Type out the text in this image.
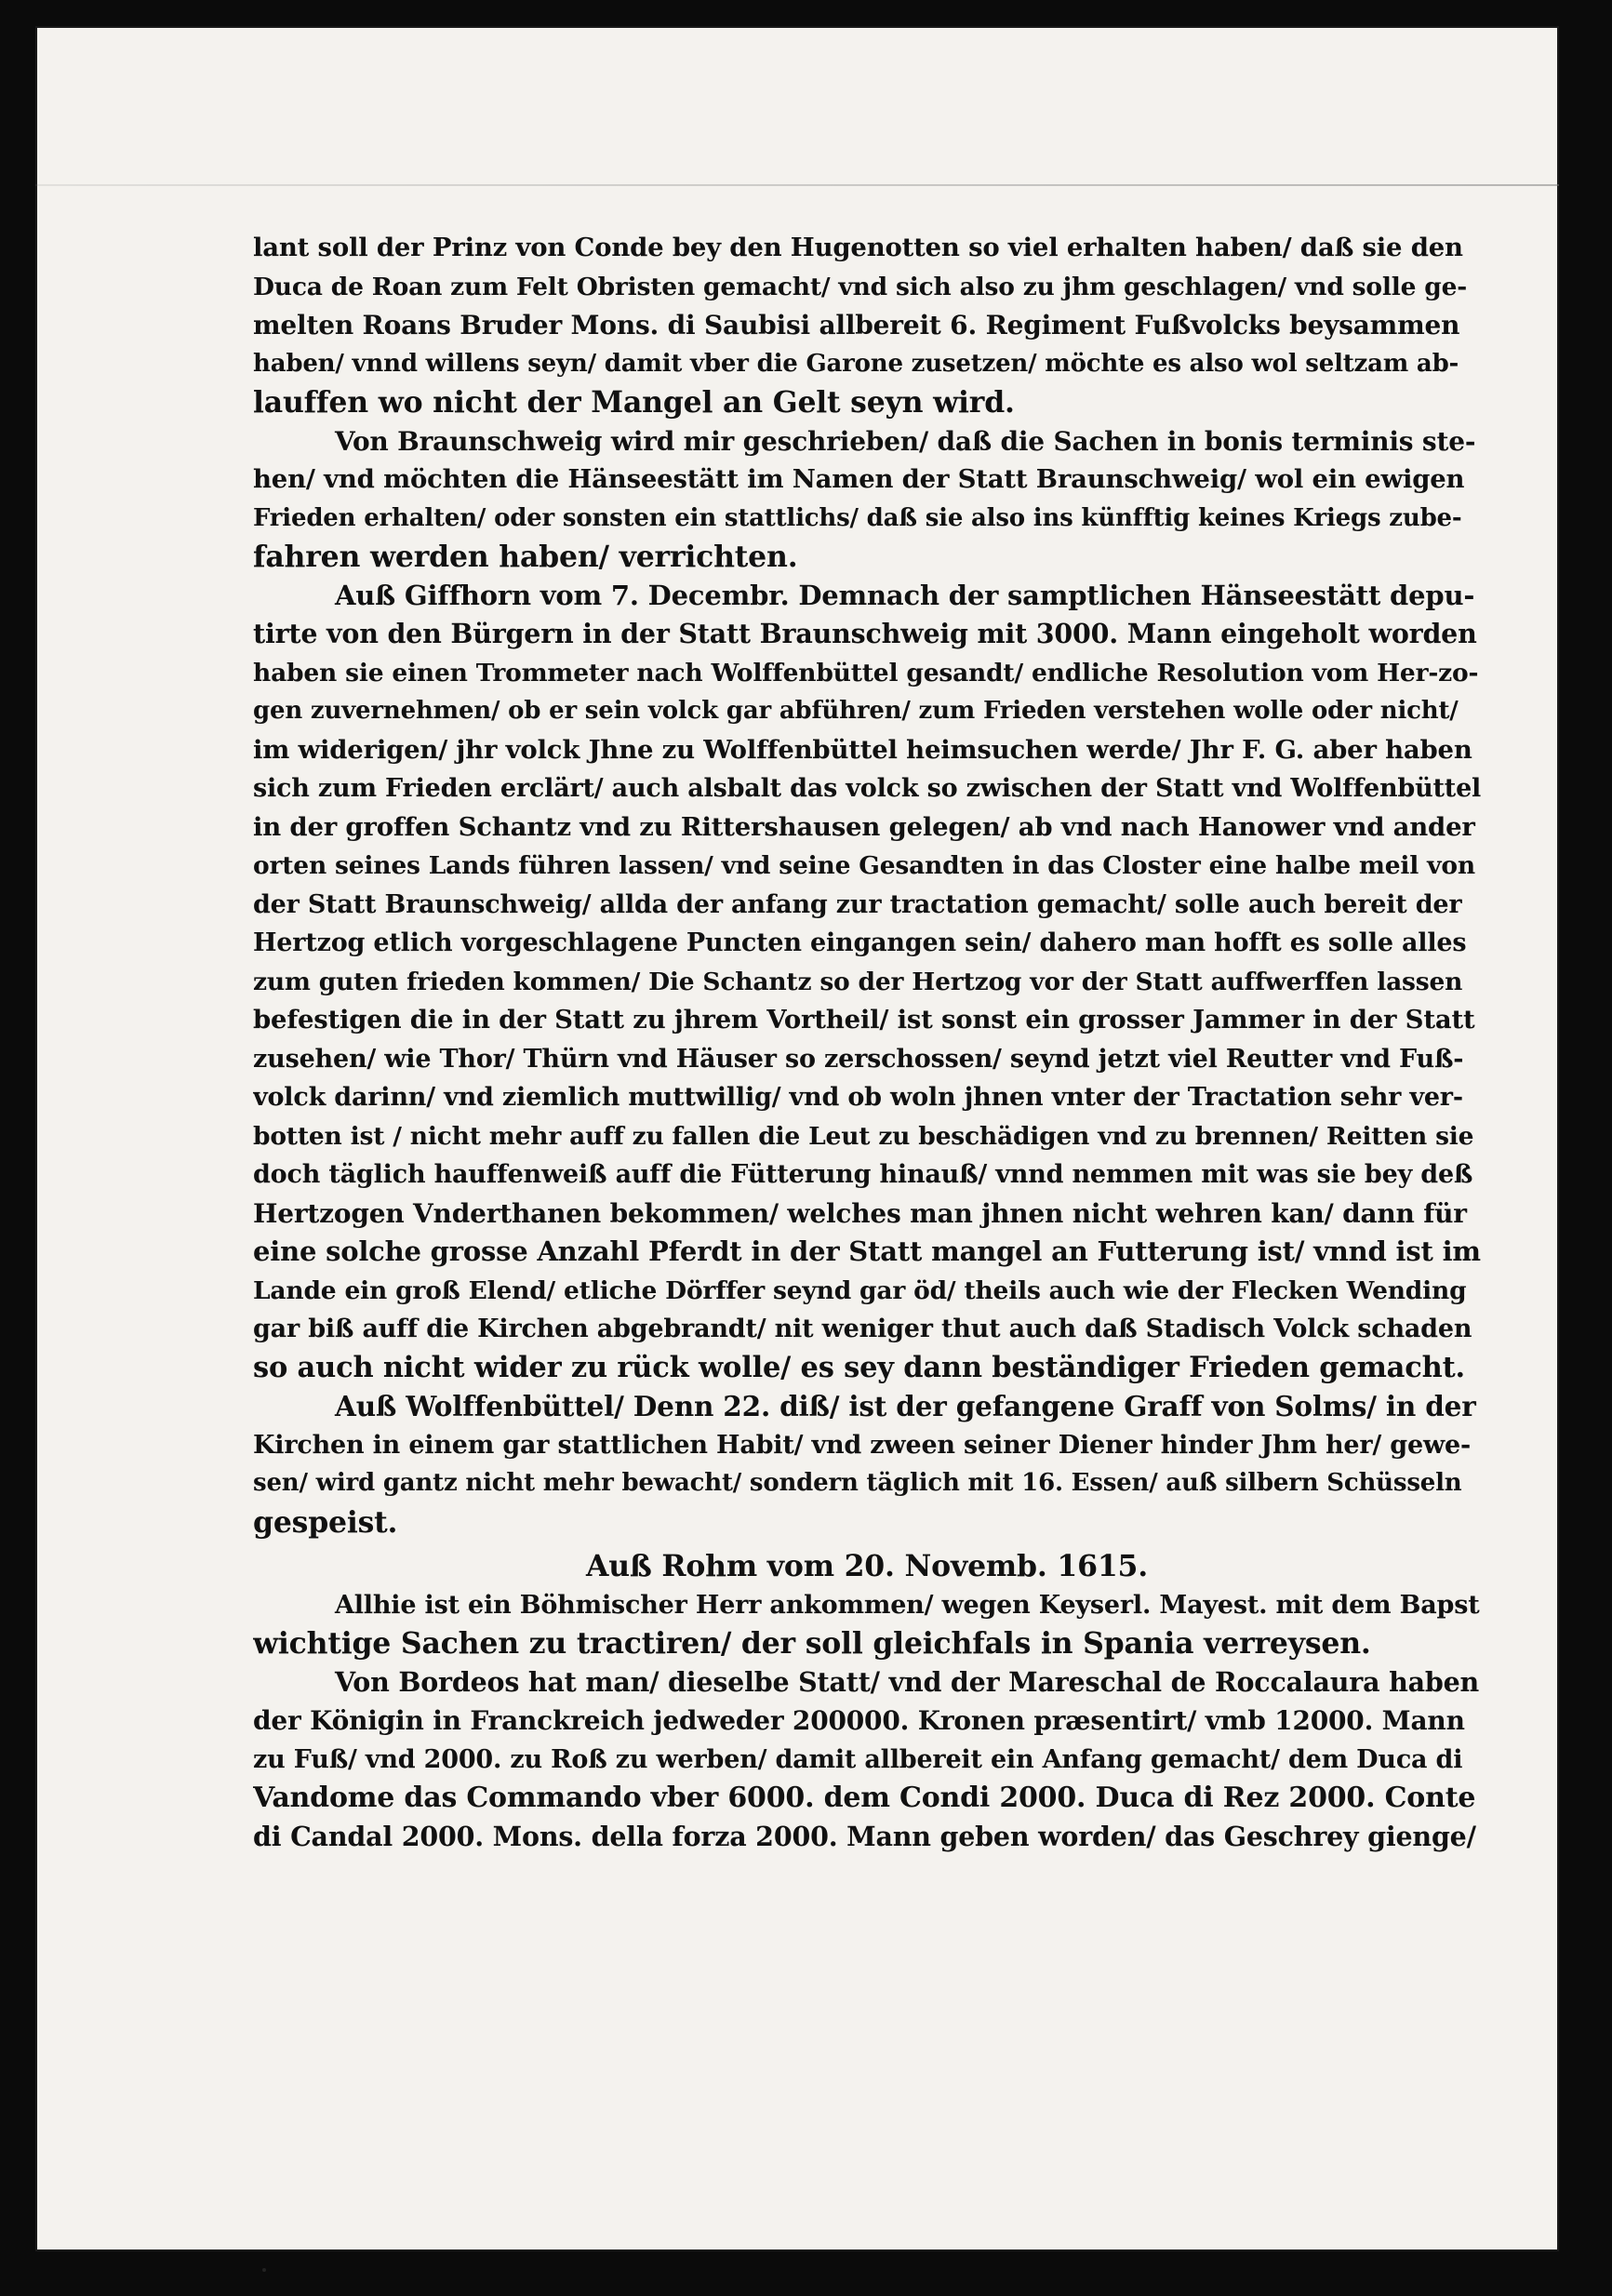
lant soll der Prinz von Conde bey den Hugenotten so viel erhalten haben/ daß sie den
Duca de Roan zum Felt Obristen gemacht/ vnd sich also zu jhm geschlagen/ vnd solle ge-
melten Roans Bruder Mons. di Saubisi allbereit 6. Regiment Fußvolcks beysammen
haben/ vnnd willens seyn/ damit vber die Garone zusetzen/ möchte es also wol seltzam ab-
lauffen wo nicht der Mangel an Gelt seyn wird.
Von Braunschweig wird mir geschrieben/ daß die Sachen in bonis terminis ste-
hen/ vnd möchten die Hänseestätt im Namen der Statt Braunschweig/ wol ein ewigen
Frieden erhalten/ oder sonsten ein stattlichs/ daß sie also ins künfftig keines Kriegs zube-
fahren werden haben/ verrichten.
Auß Giffhorn vom 7. Decembr. Demnach der samptlichen Hänseestätt depu-
tirte von den Bürgern in der Statt Braunschweig mit 3000. Mann eingeholt worden
haben sie einen Trommeter nach Wolffenbüttel gesandt/ endliche Resolution vom Her-zo-
gen zuvernehmen/ ob er sein volck gar abführen/ zum Frieden verstehen wolle oder nicht/
im widerigen/ jhr volck Jhne zu Wolffenbüttel heimsuchen werde/ Jhr F. G. aber haben
sich zum Frieden erclärt/ auch alsbalt das volck so zwischen der Statt vnd Wolffenbüttel
in der groffen Schantz vnd zu Rittershausen gelegen/ ab vnd nach Hanower vnd ander
orten seines Lands führen lassen/ vnd seine Gesandten in das Closter eine halbe meil von
der Statt Braunschweig/ allda der anfang zur tractation gemacht/ solle auch bereit der
Hertzog etlich vorgeschlagene Puncten eingangen sein/ dahero man hofft es solle alles
zum guten frieden kommen/ Die Schantz so der Hertzog vor der Statt auffwerffen lassen
befestigen die in der Statt zu jhrem Vortheil/ ist sonst ein grosser Jammer in der Statt
zusehen/ wie Thor/ Thürn vnd Häuser so zerschossen/ seynd jetzt viel Reutter vnd Fuß-
volck darinn/ vnd ziemlich muttwillig/ vnd ob woln jhnen vnter der Tractation sehr ver-
botten ist / nicht mehr auff zu fallen die Leut zu beschädigen vnd zu brennen/ Reitten sie
doch täglich hauffenweiß auff die Fütterung hinauß/ vnnd nemmen mit was sie bey deß
Hertzogen Vnderthanen bekommen/ welches man jhnen nicht wehren kan/ dann für
eine solche grosse Anzahl Pferdt in der Statt mangel an Futterung ist/ vnnd ist im
Lande ein groß Elend/ etliche Dörffer seynd gar öd/ theils auch wie der Flecken Wending
gar biß auff die Kirchen abgebrandt/ nit weniger thut auch daß Stadisch Volck schaden
so auch nicht wider zu rück wolle/ es sey dann beständiger Frieden gemacht.
Auß Wolffenbüttel/ Denn 22. diß/ ist der gefangene Graff von Solms/ in der
Kirchen in einem gar stattlichen Habit/ vnd zween seiner Diener hinder Jhm her/ gewe-
sen/ wird gantz nicht mehr bewacht/ sondern täglich mit 16. Essen/ auß silbern Schüsseln
gespeist.
Auß Rohm vom 20. Novemb. 1615.
Allhie ist ein Böhmischer Herr ankommen/ wegen Keyserl. Mayest. mit dem Bapst
wichtige Sachen zu tractiren/ der soll gleichfals in Spania verreysen.
Von Bordeos hat man/ dieselbe Statt/ vnd der Mareschal de Roccalaura haben
der Königin in Franckreich jedweder 200000. Kronen præsentirt/ vmb 12000. Mann
zu Fuß/ vnd 2000. zu Roß zu werben/ damit allbereit ein Anfang gemacht/ dem Duca di
Vandome das Commando vber 6000. dem Condi 2000. Duca di Rez 2000. Conte
di Candal 2000. Mons. della forza 2000. Mann geben worden/ das Geschrey gienge/
